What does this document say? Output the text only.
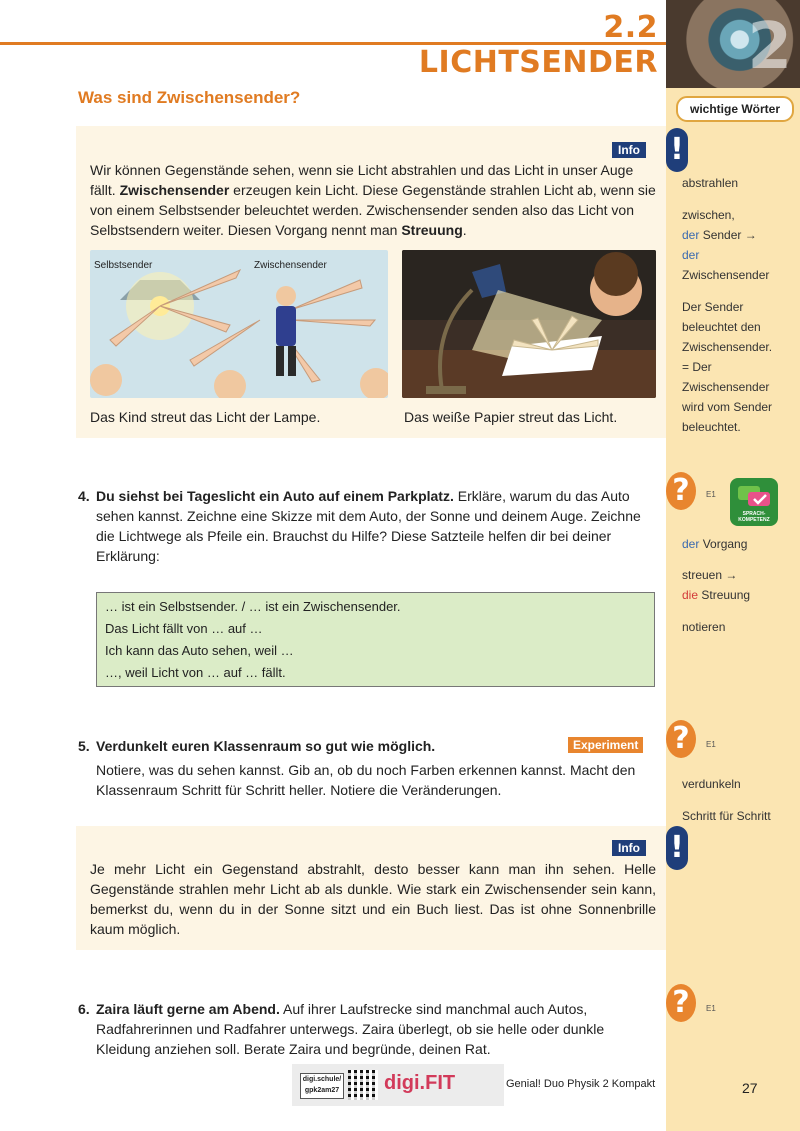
2.2 LICHTSENDER 2
wichtige Wörter
abstrahlen
zwischen,
der Sender →
der
Zwischensender
Der Sender
beleuchtet den
Zwischensender.
= Der
Zwischensender
wird vom Sender
beleuchtet.
?	E1
SPRACH-KOMPETENZ
der Vorgang
streuen →
die Streuung
notieren
?	E1
verdunkeln
Schritt für Schritt
?	E1
Was sind Zwischensender?
Info !
Wir können Gegenstände sehen, wenn sie Licht abstrahlen und das Licht in unser Auge fällt. Zwischensender erzeugen kein Licht. Diese Gegenstände strahlen Licht ab, wenn sie von einem Selbstsender beleuchtet werden. Zwischensender senden also das Licht von Selbstsendern weiter. Diesen Vorgang nennt man Streuung.
Selbstsender	Zwischensender
Das Kind streut das Licht der Lampe.	Das weiße Papier streut das Licht.
4. Du siehst bei Tageslicht ein Auto auf einem Parkplatz. Erkläre, warum du das Auto sehen kannst. Zeichne eine Skizze mit dem Auto, der Sonne und deinem Auge. Zeichne die Lichtwege als Pfeile ein. Brauchst du Hilfe? Diese Satzteile helfen dir bei deiner Erklärung:
… ist ein Selbstsender. / … ist ein Zwischensender.
Das Licht fällt von … auf …
Ich kann das Auto sehen, weil …
…, weil Licht von … auf … fällt.
5. Verdunkelt euren Klassenraum so gut wie möglich.	Experiment
Notiere, was du sehen kannst. Gib an, ob du noch Farben erkennen kannst. Macht den Klassenraum Schritt für Schritt heller. Notiere die Veränderungen.
Info !
Je mehr Licht ein Gegenstand abstrahlt, desto besser kann man ihn sehen. Helle Gegenstände strahlen mehr Licht ab als dunkle. Wie stark ein Zwischensender sein kann, bemerkst du, wenn du in der Sonne sitzt und ein Buch liest. Das ist ohne Sonnenbrille kaum möglich.
6. Zaira läuft gerne am Abend. Auf ihrer Laufstrecke sind manchmal auch Autos, Radfahrerinnen und Radfahrer unterwegs. Zaira überlegt, ob sie helle oder dunkle Kleidung anziehen soll. Berate Zaira und begründe, deinen Rat.
digi.schule/
gpk2am27 digi.FIT	Genial! Duo Physik 2 Kompakt	27
